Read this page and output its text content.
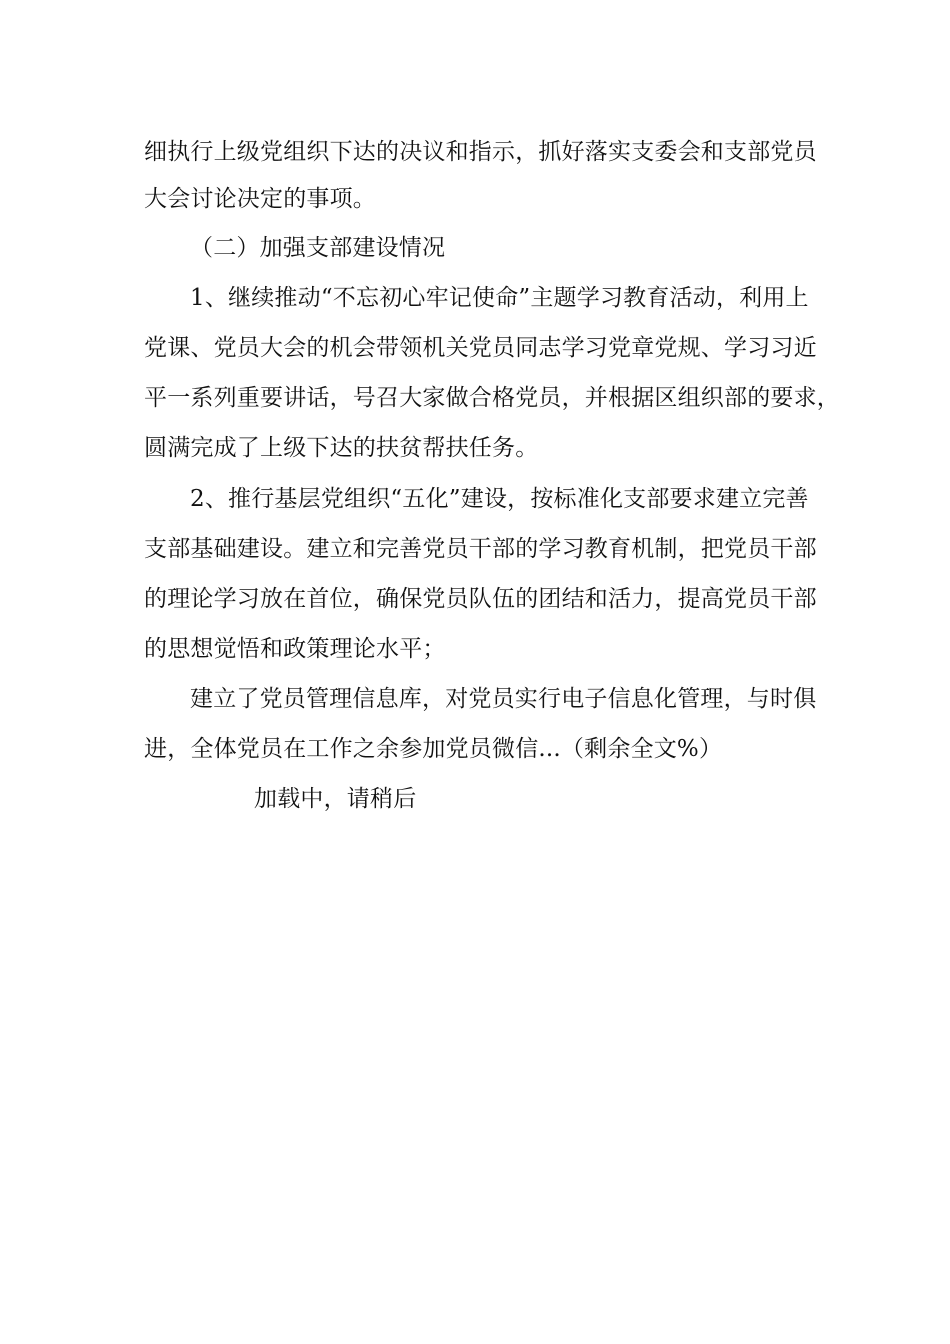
细执行上级党组织下达的决议和指示，抓好落实支委会和支部党员
大会讨论决定的事项。
（二）加强支部建设情况
1、继续推动“不忘初心牢记使命”主题学习教育活动，利用上
党课、党员大会的机会带领机关党员同志学习党章党规、学习习近
平一系列重要讲话，号召大家做合格党员，并根据区组织部的要求，
圆满完成了上级下达的扶贫帮扶任务。
2、推行基层党组织“五化”建设，按标准化支部要求建立完善
支部基础建设。建立和完善党员干部的学习教育机制，把党员干部
的理论学习放在首位，确保党员队伍的团结和活力，提高党员干部
的思想觉悟和政策理论水平；
建立了党员管理信息库，对党员实行电子信息化管理，与时俱
进，全体党员在工作之余参加党员微信...（剩余全文%）
加载中，请稍后
